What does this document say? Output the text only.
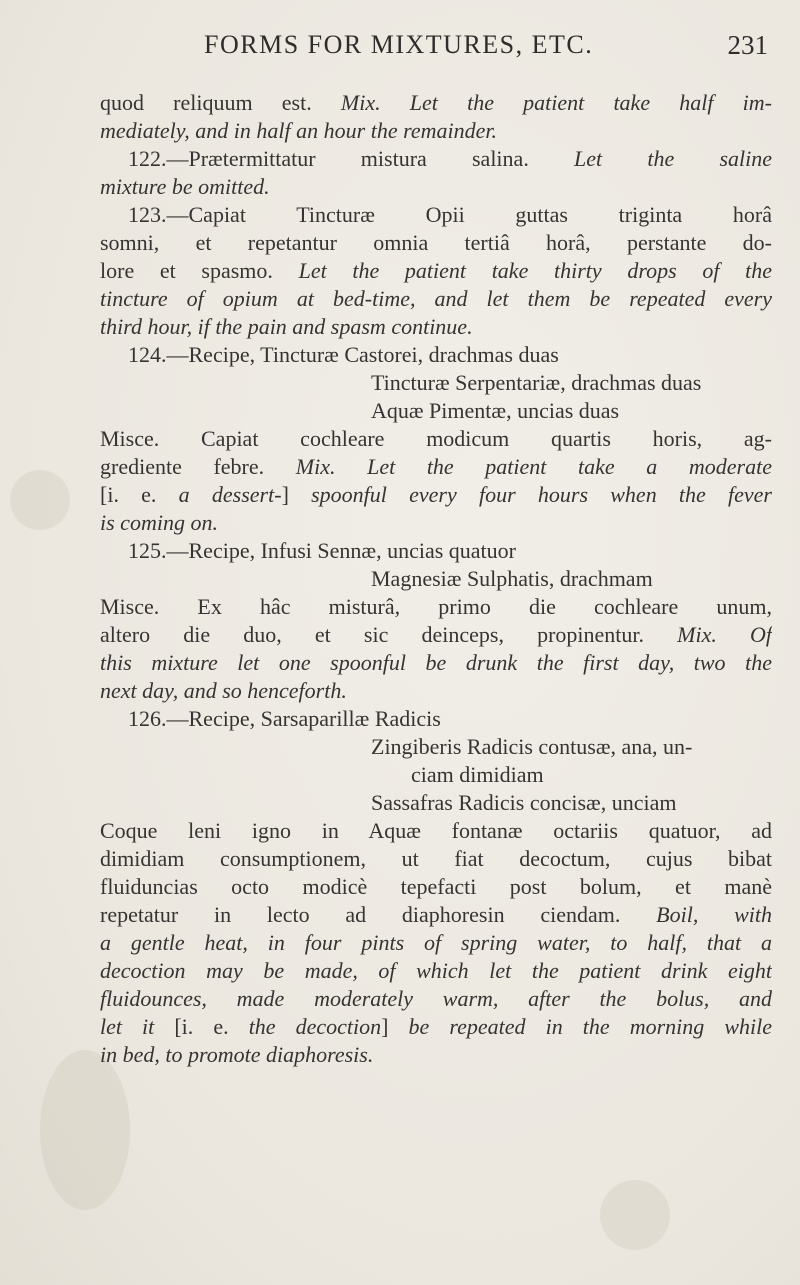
FORMS FOR MIXTURES, ETC.	231
quod reliquum est. Mix. Let the patient take half im-
mediately, and in half an hour the remainder.
122.—Prætermittatur mistura salina. Let the saline
mixture be omitted.
123.—Capiat Tincturæ Opii guttas triginta horâ
somni, et repetantur omnia tertiâ horâ, perstante do-
lore et spasmo. Let the patient take thirty drops of the
tincture of opium at bed-time, and let them be repeated every
third hour, if the pain and spasm continue.
124.—Recipe, Tincturæ Castorei, drachmas duas
Tincturæ Serpentariæ, drachmas duas
Aquæ Pimentæ, uncias duas
Misce. Capiat cochleare modicum quartis horis, ag-
grediente febre. Mix. Let the patient take a moderate
[i. e. a dessert-] spoonful every four hours when the fever
is coming on.
125.—Recipe, Infusi Sennæ, uncias quatuor
Magnesiæ Sulphatis, drachmam
Misce. Ex hâc misturâ, primo die cochleare unum,
altero die duo, et sic deinceps, propinentur. Mix. Of
this mixture let one spoonful be drunk the first day, two the
next day, and so henceforth.
126.—Recipe, Sarsaparillæ Radicis
Zingiberis Radicis contusæ, ana, un-
ciam dimidiam
Sassafras Radicis concisæ, unciam
Coque leni igno in Aquæ fontanæ octariis quatuor, ad
dimidiam consumptionem, ut fiat decoctum, cujus bibat
fluiduncias octo modicè tepefacti post bolum, et manè
repetatur in lecto ad diaphoresin ciendam. Boil, with
a gentle heat, in four pints of spring water, to half, that a
decoction may be made, of which let the patient drink eight
fluidounces, made moderately warm, after the bolus, and
let it [i. e. the decoction] be repeated in the morning while
in bed, to promote diaphoresis.
